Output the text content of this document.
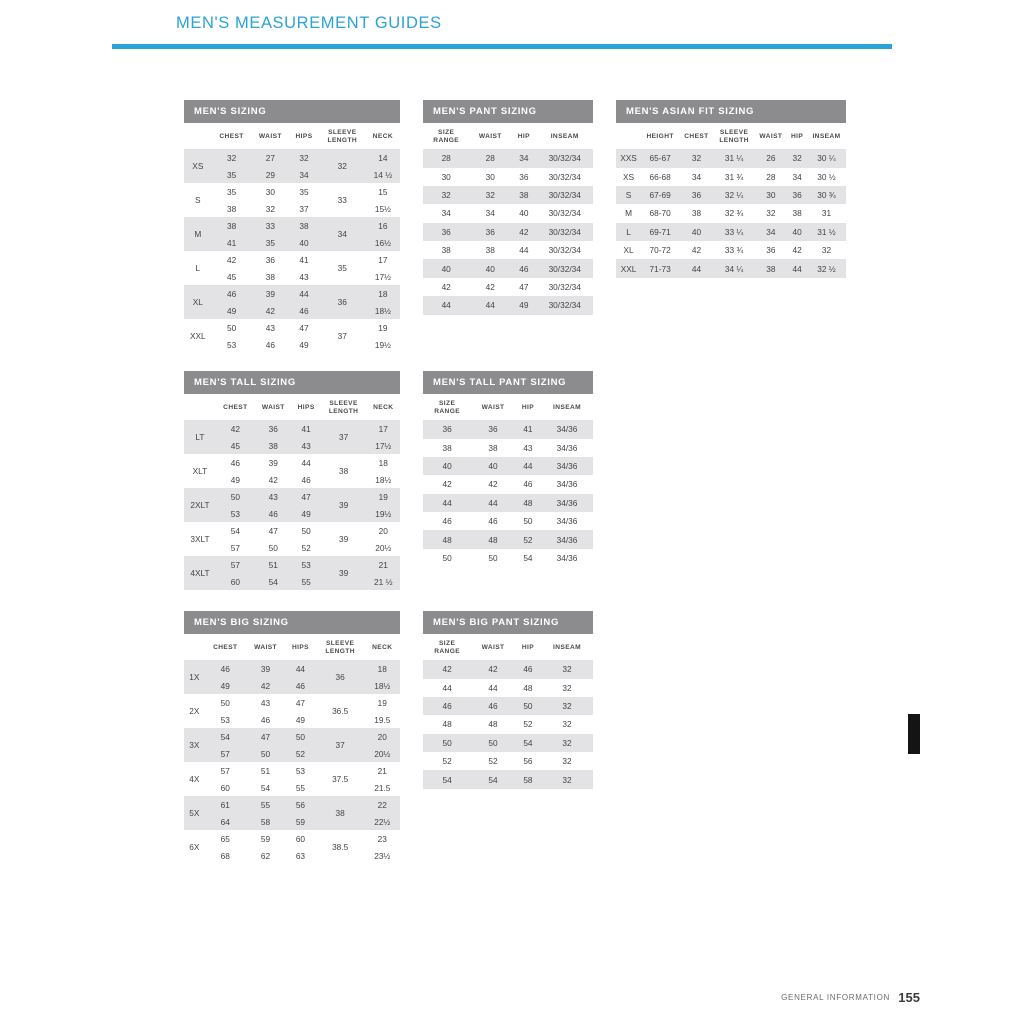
MEN'S MEASUREMENT GUIDES
MEN'S SIZING					
	CHEST	WAIST	HIPS	SLEEVE
LENGTH	NECK
XS	32	27	32	32	14
	35	29	34		14 ½
S	35	30	35	33	15
	38	32	37		15½
M	38	33	38	34	16
	41	35	40		16½
L	42	36	41	35	17
	45	38	43		17½
XL	46	39	44	36	18
	49	42	46		18½
XXL	50	43	47	37	19
	53	46	49		19½
MEN'S PANT SIZING			
SIZE
RANGE	WAIST	HIP	INSEAM
28	28	34	30/32/34
30	30	36	30/32/34
32	32	38	30/32/34
34	34	40	30/32/34
36	36	42	30/32/34
38	38	44	30/32/34
40	40	46	30/32/34
42	42	47	30/32/34
44	44	49	30/32/34
MEN'S ASIAN FIT SIZING						
	HEIGHT	CHEST	SLEEVE
LENGTH	WAIST	HIP	INSEAM
XXS	65-67	32	31 ¼	26	32	30 ¼
XS	66-68	34	31 ¾	28	34	30 ½
S	67-69	36	32 ¼	30	36	30 ¾
M	68-70	38	32 ¾	32	38	31
L	69-71	40	33 ¼	34	40	31 ½
XL	70-72	42	33 ¾	36	42	32
XXL	71-73	44	34 ¼	38	44	32 ½
MEN'S TALL SIZING					
	CHEST	WAIST	HIPS	SLEEVE
LENGTH	NECK
LT	42	36	41	37	17
	45	38	43		17½
XLT	46	39	44	38	18
	49	42	46		18½
2XLT	50	43	47	39	19
	53	46	49		19½
3XLT	54	47	50	39	20
	57	50	52		20½
4XLT	57	51	53	39	21
	60	54	55		21 ½
MEN'S TALL PANT SIZING			
SIZE
RANGE	WAIST	HIP	INSEAM
36	36	41	34/36
38	38	43	34/36
40	40	44	34/36
42	42	46	34/36
44	44	48	34/36
46	46	50	34/36
48	48	52	34/36
50	50	54	34/36
MEN'S BIG SIZING					
	CHEST	WAIST	HIPS	SLEEVE
LENGTH	NECK
1X	46	39	44	36	18
	49	42	46		18½
2X	50	43	47	36.5	19
	53	46	49		19.5
3X	54	47	50	37	20
	57	50	52		20½
4X	57	51	53	37.5	21
	60	54	55		21.5
5X	61	55	56	38	22
	64	58	59		22½
6X	65	59	60	38.5	23
	68	62	63		23½
MEN'S BIG PANT SIZING			
SIZE
RANGE	WAIST	HIP	INSEAM
42	42	46	32
44	44	48	32
46	46	50	32
48	48	52	32
50	50	54	32
52	52	56	32
54	54	58	32
GENERAL INFORMATION 155
